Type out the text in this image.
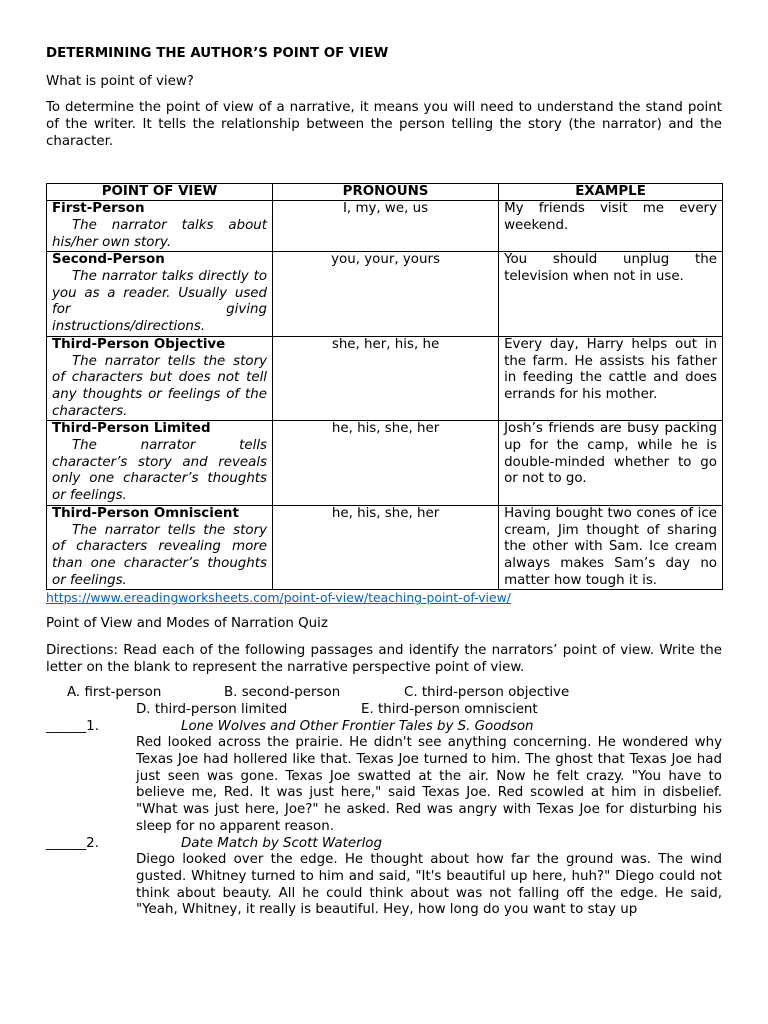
DETERMINING THE AUTHOR’S POINT OF VIEW

What is point of view?

To determine the point of view of a narrative, it means you will need to understand the stand point of the writer. It tells the relationship between the person telling the story (the narrator) and the character.

POINT OF VIEW	PRONOUNS	EXAMPLE

First-Person
The narrator talks about his/her own story.	I, my, we, us	My friends visit me every weekend.

Second-Person
The narrator talks directly to you as a reader. Usually used for giving instructions/directions.	you, your, yours	You should unplug the television when not in use.

Third-Person Objective
The narrator tells the story of characters but does not tell any thoughts or feelings of the characters.	she, her, his, he	Every day, Harry helps out in the farm. He assists his father in feeding the cattle and does errands for his mother.

Third-Person Limited
The narrator tells character’s story and reveals only one character’s thoughts or feelings.	he, his, she, her	Josh’s friends are busy packing up for the camp, while he is double-minded whether to go or not to go.

Third-Person Omniscient
The narrator tells the story of characters revealing more than one character’s thoughts or feelings.	he, his, she, her	Having bought two cones of ice cream, Jim thought of sharing the other with Sam. Ice cream always makes Sam’s day no matter how tough it is.
https://www.ereadingworksheets.com/point-of-view/teaching-point-of-view/

Point of View and Modes of Narration Quiz

Directions: Read each of the following passages and identify the narrators’ point of view. Write the letter on the blank to represent the narrative perspective point of view.

A. first-person	B. second-person	C. third-person objective
D. third-person limited	E. third-person omniscient
______1.	Lone Wolves and Other Frontier Tales by S. Goodson
Red looked across the prairie. He didn't see anything concerning. He wondered why Texas Joe had hollered like that. Texas Joe turned to him. The ghost that Texas Joe had just seen was gone. Texas Joe swatted at the air. Now he felt crazy. "You have to believe me, Red. It was just here," said Texas Joe. Red scowled at him in disbelief. "What was just here, Joe?" he asked. Red was angry with Texas Joe for disturbing his sleep for no apparent reason.
______2.	Date Match by Scott Waterlog
Diego looked over the edge. He thought about how far the ground was. The wind gusted. Whitney turned to him and said, "It's beautiful up here, huh?" Diego could not think about beauty. All he could think about was not falling off the edge. He said, "Yeah, Whitney, it really is beautiful. Hey, how long do you want to stay up
